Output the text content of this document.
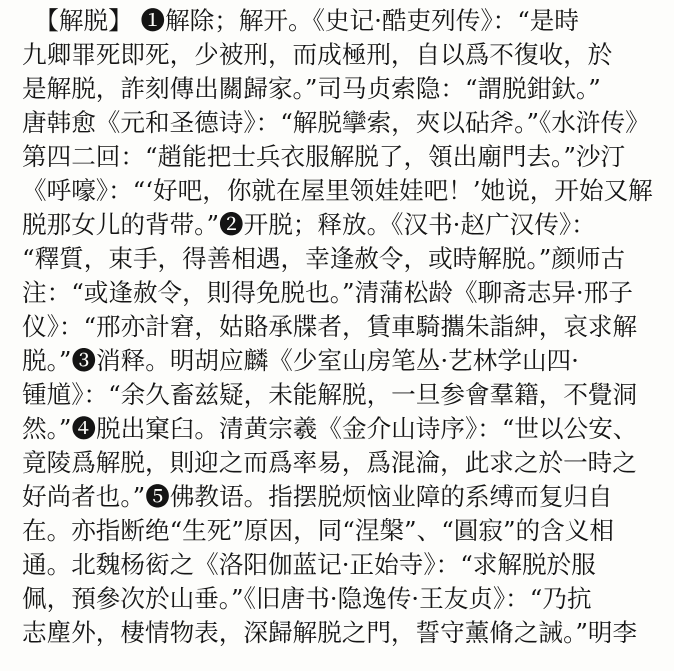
　【解脱】 ❶解除；解开。《史记·酷吏列传》：“是時
九卿罪死即死，少被刑，而成極刑，自以爲不復收，於
是解脱，詐刻傳出關歸家。”司马贞索隐：“謂脱鉗釱。”
唐韩愈《元和圣德诗》：“解脱攣索，夾以砧斧。”《水浒传》
第四二回：“趙能把士兵衣服解脱了，領出廟門去。”沙汀
《呼嚎》：“‘好吧，你就在屋里领娃娃吧！’她说，开始又解
脱那女儿的背带。”❷开脱；释放。《汉书·赵广汉传》：
“釋質，束手，得善相遇，幸逢赦令，或時解脱。”颜师古
注：“或逢赦令，則得免脱也。”清蒲松龄《聊斋志异·邢子
仪》：“邢亦計窘，姑賂承牒者，賃車騎攜朱詣紳，哀求解
脱。”❸消释。明胡应麟《少室山房笔丛·艺林学山四·
锺馗》：“余久畜兹疑，未能解脱，一旦参會羣籍，不覺洞
然。”❹脱出窠臼。清黄宗羲《金介山诗序》：“世以公安、
竟陵爲解脱，則迎之而爲率易，爲混淪，此求之於一時之
好尚者也。”❺佛教语。指摆脱烦恼业障的系缚而复归自
在。亦指断绝“生死”原因，同“涅槃”、“圓寂”的含义相
通。北魏杨衒之《洛阳伽蓝记·正始寺》：“求解脱於服
佩，預參次於山垂。”《旧唐书·隐逸传·王友贞》：“乃抗
志塵外，棲情物表，深歸解脱之門，誓守薰脩之誡。”明李
